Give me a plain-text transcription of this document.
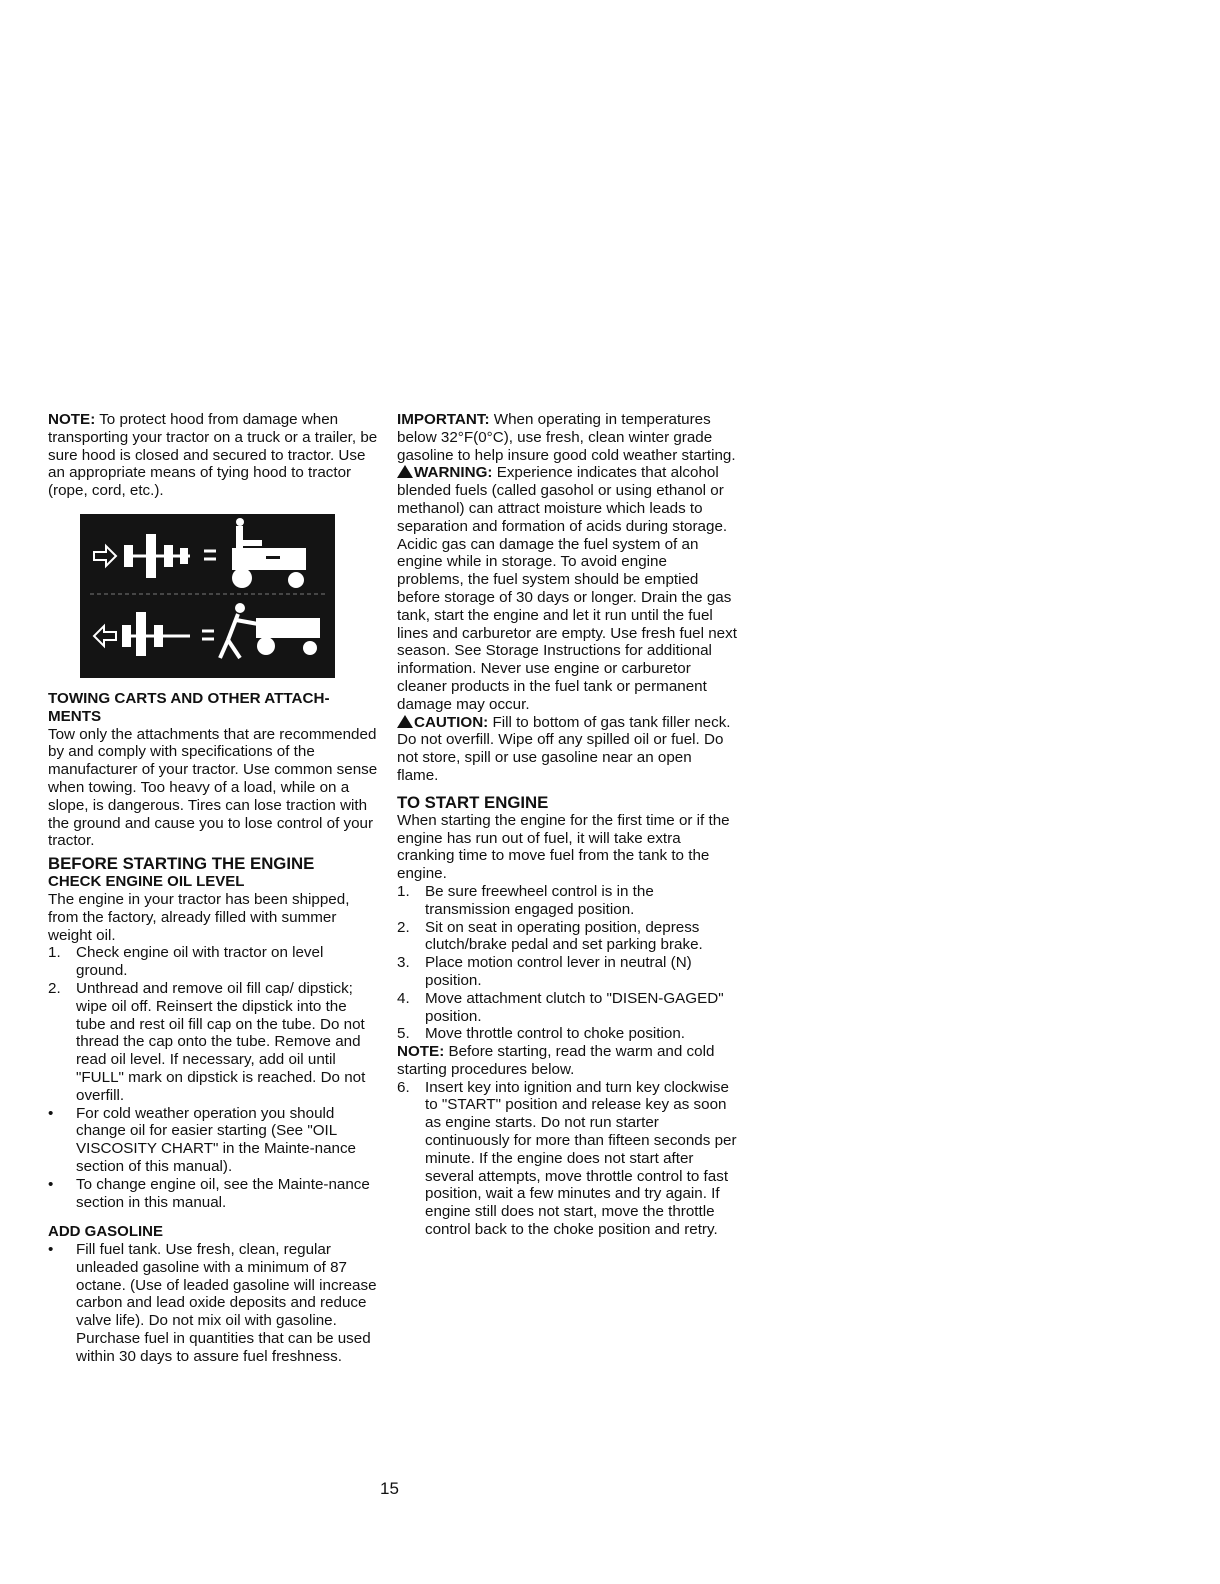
NOTE: To protect hood from damage when transporting your tractor on a truck or a trailer, be sure hood is closed and secured to tractor. Use an appropriate means of tying hood to tractor (rope, cord, etc.).

TOWING CARTS AND OTHER ATTACH-MENTS

Tow only the attachments that are recommended by and comply with specifications of the manufacturer of your tractor. Use common sense when towing. Too heavy of a load, while on a slope, is dangerous. Tires can lose traction with the ground and cause you to lose control of your tractor.

BEFORE STARTING THE ENGINE

CHECK ENGINE OIL LEVEL

The engine in your tractor has been shipped, from the factory, already filled with summer weight oil.

1. Check engine oil with tractor on level ground.
2. Unthread and remove oil fill cap/ dipstick; wipe oil off. Reinsert the dipstick into the tube and rest oil fill cap on the tube. Do not thread the cap onto the tube. Remove and read oil level. If necessary, add oil until "FULL" mark on dipstick is reached. Do not overfill.
• For cold weather operation you should change oil for easier starting (See "OIL VISCOSITY CHART" in the Mainte-nance section of this manual).
• To change engine oil, see the Mainte-nance section in this manual.

ADD GASOLINE

• Fill fuel tank. Use fresh, clean, regular unleaded gasoline with a minimum of 87 octane. (Use of leaded gasoline will increase carbon and lead oxide deposits and reduce valve life). Do not mix oil with gasoline. Purchase fuel in quantities that can be used within 30 days to assure fuel freshness.

IMPORTANT: When operating in temperatures below 32°F(0°C), use fresh, clean winter grade gasoline to help insure good cold weather starting.

WARNING: Experience indicates that alcohol blended fuels (called gasohol or using ethanol or methanol) can attract moisture which leads to separation and formation of acids during storage. Acidic gas can damage the fuel system of an engine while in storage. To avoid engine problems, the fuel system should be emptied before storage of 30 days or longer. Drain the gas tank, start the engine and let it run until the fuel lines and carburetor are empty. Use fresh fuel next season. See Storage Instructions for additional information. Never use engine or carburetor cleaner products in the fuel tank or permanent damage may occur.

CAUTION: Fill to bottom of gas tank filler neck. Do not overfill. Wipe off any spilled oil or fuel. Do not store, spill or use gasoline near an open flame.

TO START ENGINE

When starting the engine for the first time or if the engine has run out of fuel, it will take extra cranking time to move fuel from the tank to the engine.

1. Be sure freewheel control is in the transmission engaged position.
2. Sit on seat in operating position, depress clutch/brake pedal and set parking brake.
3. Place motion control lever in neutral (N) position.
4. Move attachment clutch to "DISEN-GAGED" position.
5. Move throttle control to choke position.

NOTE: Before starting, read the warm and cold starting procedures below.

6. Insert key into ignition and turn key clockwise to "START" position and release key as soon as engine starts. Do not run starter continuously for more than fifteen seconds per minute. If the engine does not start after several attempts, move throttle control to fast position, wait a few minutes and try again. If engine still does not start, move the throttle control back to the choke position and retry.
15
